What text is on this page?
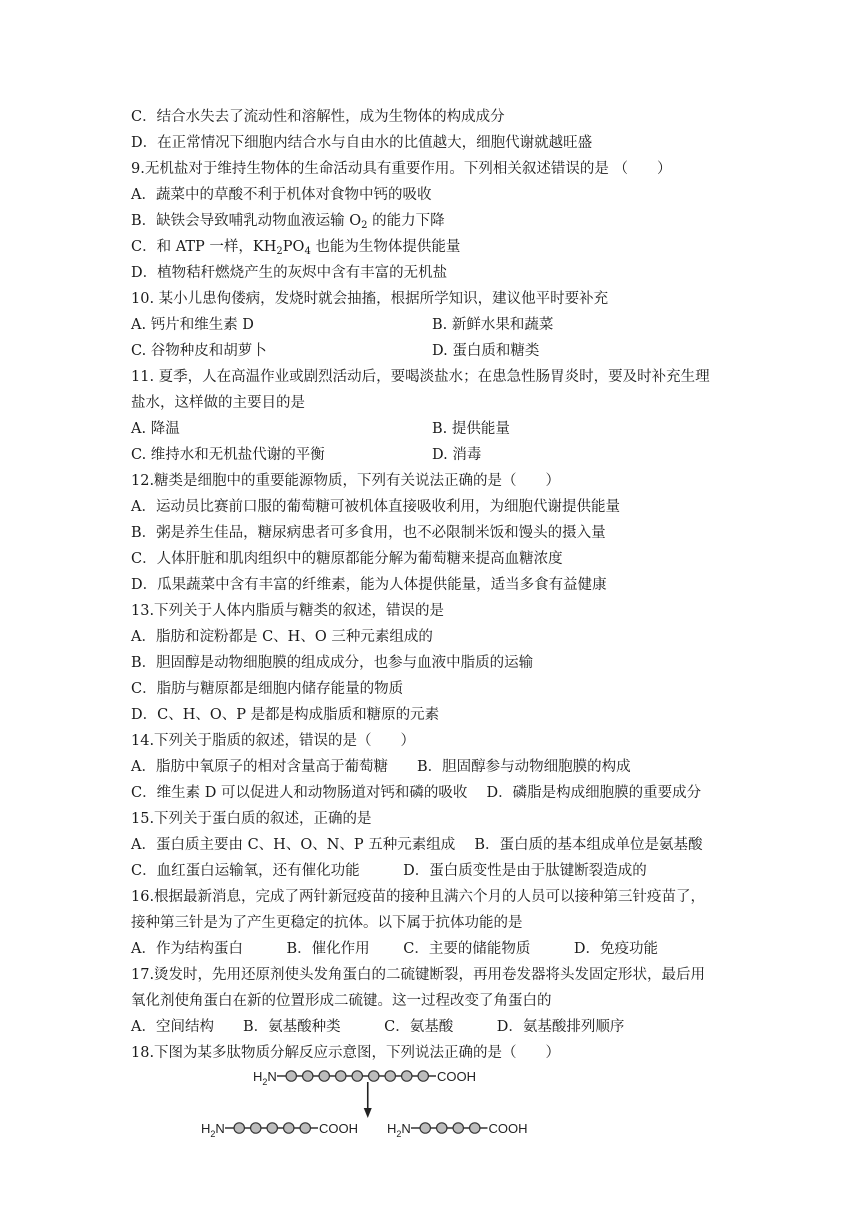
C．结合水失去了流动性和溶解性，成为生物体的构成成分
D．在正常情况下细胞内结合水与自由水的比值越大，细胞代谢就越旺盛
9.无机盐对于维持生物体的生命活动具有重要作用。下列相关叙述错误的是 （　　）
A．蔬菜中的草酸不利于机体对食物中钙的吸收
B．缺铁会导致哺乳动物血液运输 $O_2$ 的能力下降
C．和 ATP 一样，$KH_2PO_4$ 也能为生物体提供能量
D．植物秸秆燃烧产生的灰烬中含有丰富的无机盐
10. 某小儿患佝偻病，发烧时就会抽搐，根据所学知识，建议他平时要补充
A. 钙片和维生素 D	B. 新鲜水果和蔬菜
C. 谷物种皮和胡萝卜	D. 蛋白质和糖类
11. 夏季，人在高温作业或剧烈活动后，要喝淡盐水；在患急性肠胃炎时，要及时补充生理
盐水，这样做的主要目的是
A. 降温	B. 提供能量
C. 维持水和无机盐代谢的平衡	D. 消毒
12.糖类是细胞中的重要能源物质，下列有关说法正确的是（　　）
A．运动员比赛前口服的葡萄糖可被机体直接吸收利用，为细胞代谢提供能量
B．粥是养生佳品，糖尿病患者可多食用，也不必限制米饭和馒头的摄入量
C．人体肝脏和肌肉组织中的糖原都能分解为葡萄糖来提高血糖浓度
D．瓜果蔬菜中含有丰富的纤维素，能为人体提供能量，适当多食有益健康
13.下列关于人体内脂质与糖类的叙述，错误的是
A．脂肪和淀粉都是 C、H、O 三种元素组成的
B．胆固醇是动物细胞膜的组成成分，也参与血液中脂质的运输
C．脂肪与糖原都是细胞内储存能量的物质
D．C、H、O、P 是都是构成脂质和糖原的元素
14.下列关于脂质的叙述，错误的是（　　）
A．脂肪中氧原子的相对含量高于葡萄糖　　B．胆固醇参与动物细胞膜的构成
C．维生素 D 可以促进人和动物肠道对钙和磷的吸收　 D．磷脂是构成细胞膜的重要成分
15.下列关于蛋白质的叙述，正确的是
A．蛋白质主要由 C、H、O、N、P 五种元素组成　 B．蛋白质的基本组成单位是氨基酸
C．血红蛋白运输氧，还有催化功能　　　D．蛋白质变性是由于肽键断裂造成的
16.根据最新消息，完成了两针新冠疫苗的接种且满六个月的人员可以接种第三针疫苗了，
接种第三针是为了产生更稳定的抗体。以下属于抗体功能的是
A．作为结构蛋白　　　B．催化作用　　 C．主要的储能物质　　　D．免疫功能
17.烫发时，先用还原剂使头发角蛋白的二硫键断裂，再用卷发器将头发固定形状，最后用
氧化剂使角蛋白在新的位置形成二硫键。这一过程改变了角蛋白的
A．空间结构　　B．氨基酸种类　　　C．氨基酸　　　D．氨基酸排列顺序
18.下图为某多肽物质分解反应示意图，下列说法正确的是（　　）
$H_2N$	COOH
$H_2N$	COOH $H_2N$	COOH
